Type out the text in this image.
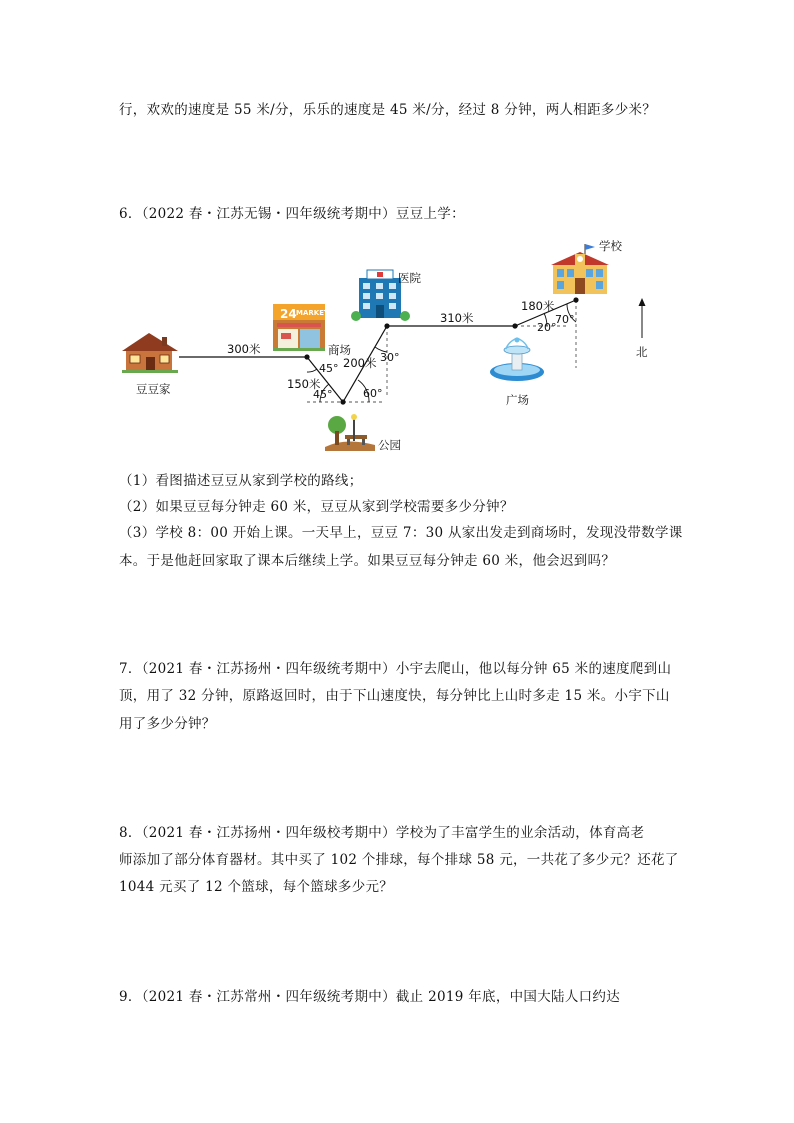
行，欢欢的速度是 55 米/分，乐乐的速度是 45 米/分，经过 8 分钟，两人相距多少米？
6．（2022 春・江苏无锡・四年级统考期中）豆豆上学：
24 MARKET
豆豆家
商场
公园
医院
广场
学校
北
300米
150米
200米
310米
180米
45°
45°	60°
30°
20°
70°
（1）看图描述豆豆从家到学校的路线；
（2）如果豆豆每分钟走 60 米，豆豆从家到学校需要多少分钟？
（3）学校 8：00 开始上课。一天早上，豆豆 7：30 从家出发走到商场时，发现没带数学课
本。于是他赶回家取了课本后继续上学。如果豆豆每分钟走 60 米，他会迟到吗？
7．（2021 春・江苏扬州・四年级统考期中）小宇去爬山，他以每分钟 65 米的速度爬到山
顶，用了 32 分钟，原路返回时，由于下山速度快，每分钟比上山时多走 15 米。小宇下山
用了多少分钟？
8．（2021 春・江苏扬州・四年级校考期中）学校为了丰富学生的业余活动，体育高老
师添加了部分体育器材。其中买了 102 个排球，每个排球 58 元，一共花了多少元？还花了
1044 元买了 12 个篮球，每个篮球多少元？
9．（2021 春・江苏常州・四年级统考期中）截止 2019 年底，中国大陆人口约达
